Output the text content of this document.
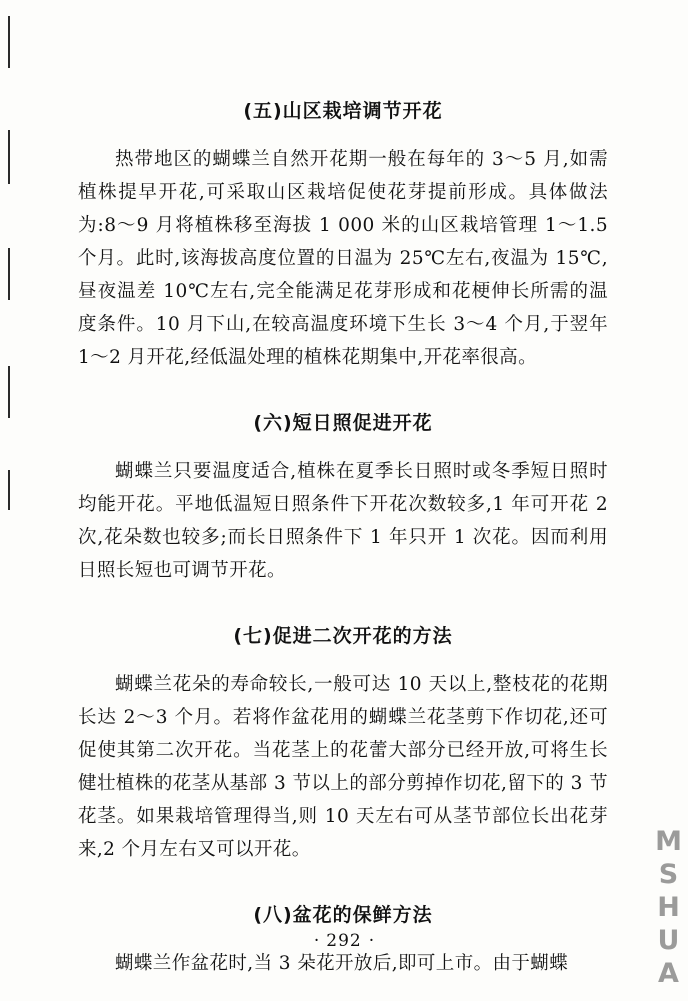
(五)山区栽培调节开花

热带地区的蝴蝶兰自然开花期一般在每年的 3～5 月,如需植株提早开花,可采取山区栽培促使花芽提前形成。具体做法为:8～9 月将植株移至海拔 1 000 米的山区栽培管理 1～1.5 个月。此时,该海拔高度位置的日温为 25℃左右,夜温为 15℃,昼夜温差 10℃左右,完全能满足花芽形成和花梗伸长所需的温度条件。10 月下山,在较高温度环境下生长 3～4 个月,于翌年 1～2 月开花,经低温处理的植株花期集中,开花率很高。

(六)短日照促进开花

蝴蝶兰只要温度适合,植株在夏季长日照时或冬季短日照时均能开花。平地低温短日照条件下开花次数较多,1 年可开花 2 次,花朵数也较多;而长日照条件下 1 年只开 1 次花。因而利用日照长短也可调节开花。

(七)促进二次开花的方法

蝴蝶兰花朵的寿命较长,一般可达 10 天以上,整枝花的花期长达 2～3 个月。若将作盆花用的蝴蝶兰花茎剪下作切花,还可促使其第二次开花。当花茎上的花蕾大部分已经开放,可将生长健壮植株的花茎从基部 3 节以上的部分剪掉作切花,留下的 3 节花茎。如果栽培管理得当,则 10 天左右可从茎节部位长出花芽来,2 个月左右又可以开花。

(八)盆花的保鲜方法

蝴蝶兰作盆花时,当 3 朵花开放后,即可上市。由于蝴蝶

· 292 ·	MSHUA
